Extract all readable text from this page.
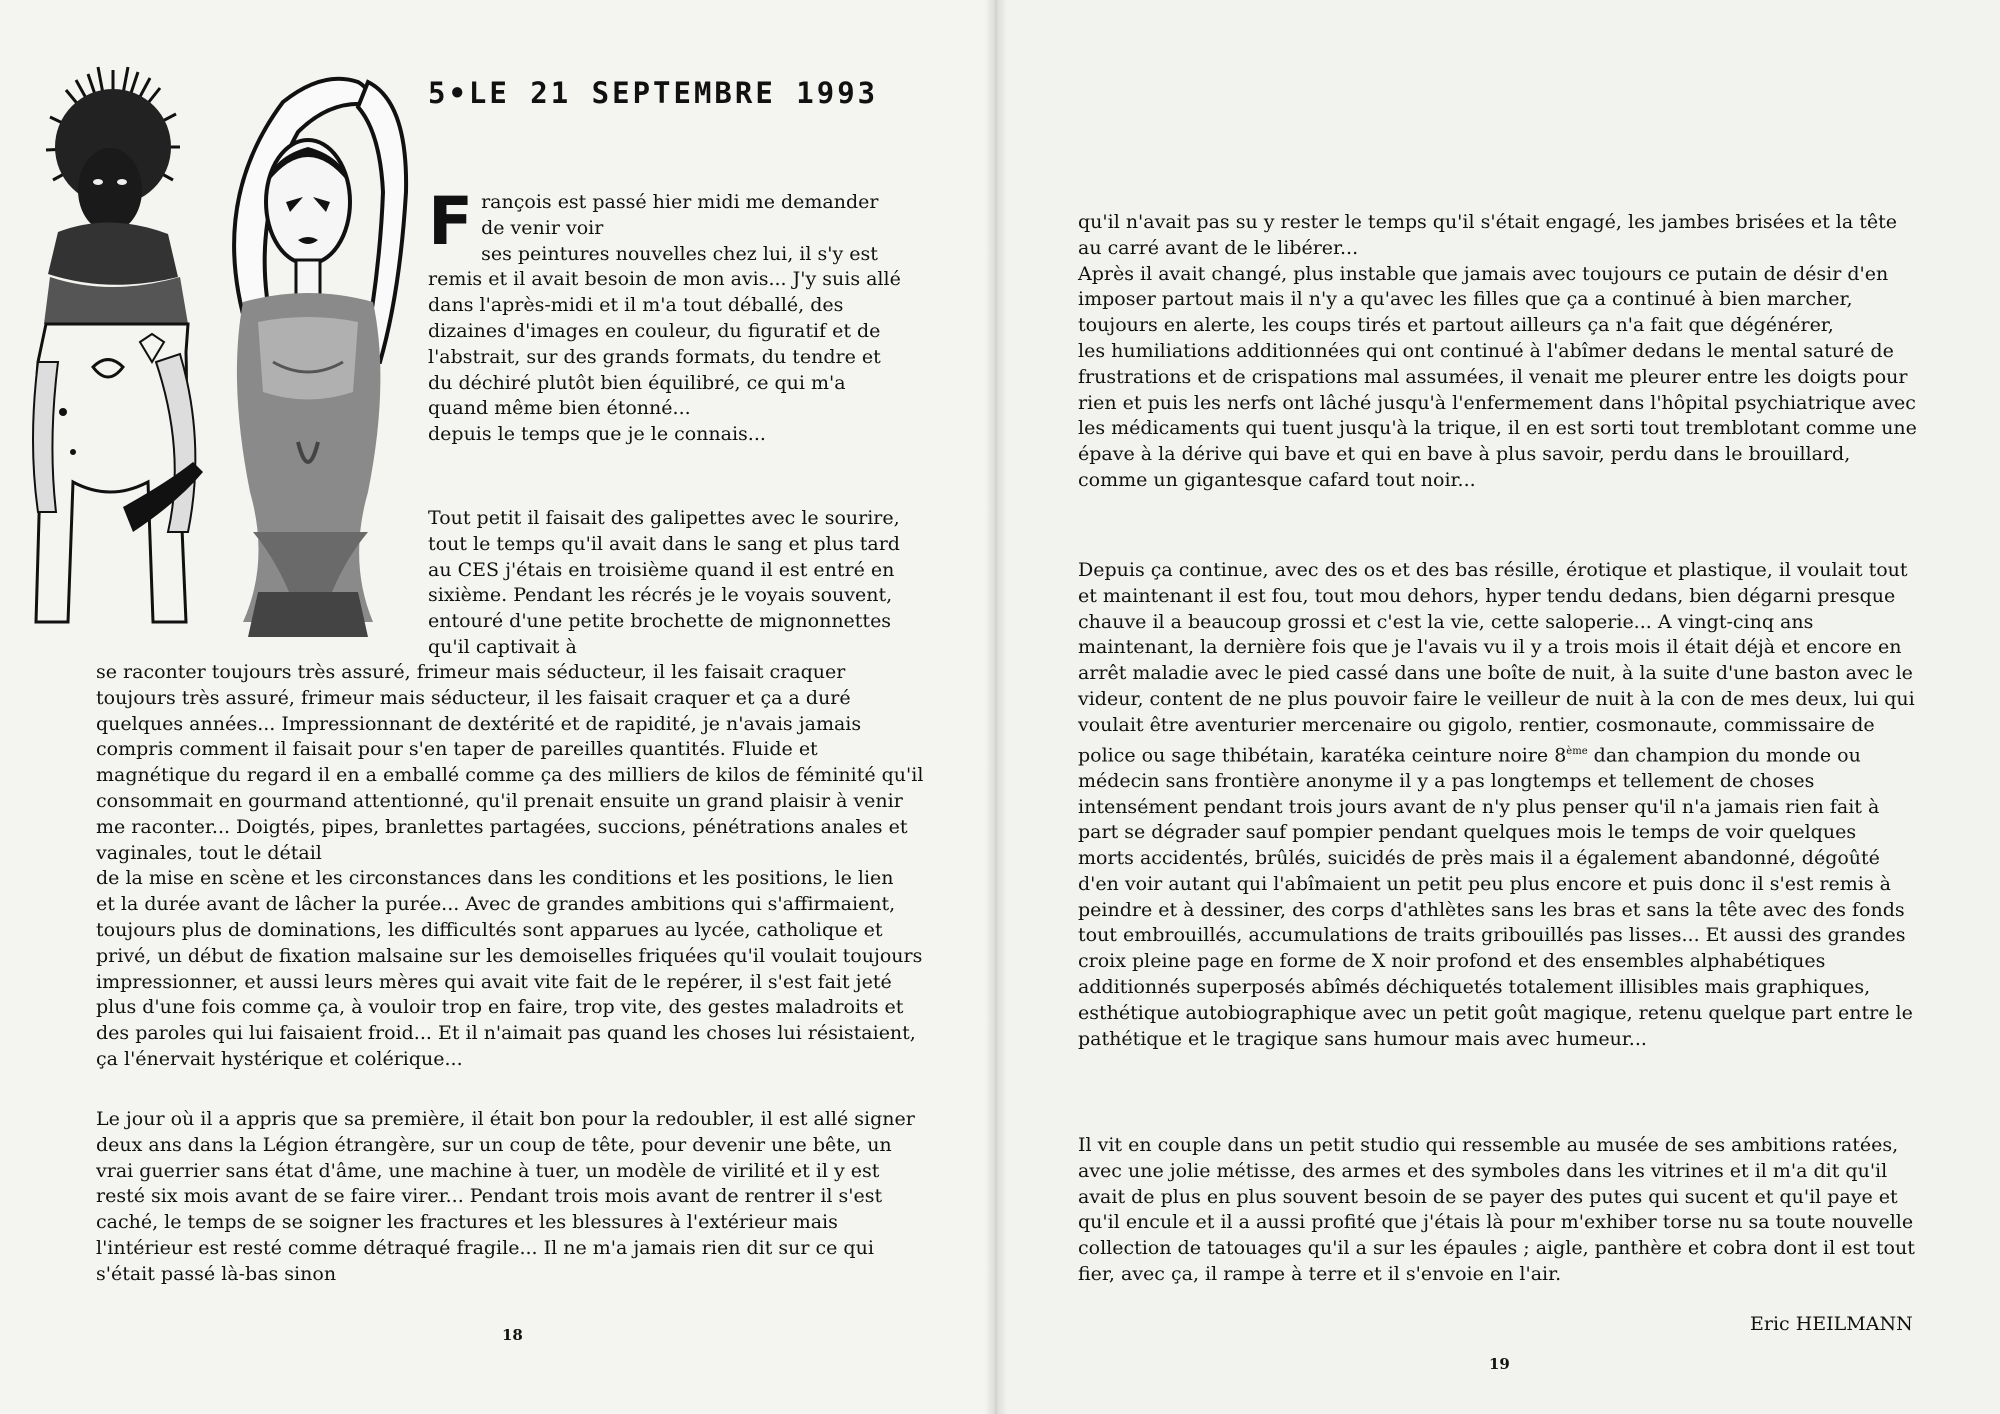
5•LE 21 SEPTEMBRE 1993

François est passé hier midi me demander de venir voir
ses peintures nouvelles chez lui, il s'y est remis et il avait besoin de mon avis... J'y suis allé dans l'après-midi et il m'a tout déballé, des dizaines d'images en couleur, du figuratif et de l'abstrait, sur des grands formats, du tendre et du déchiré plutôt bien équilibré, ce qui m'a quand même bien étonné...
depuis le temps que je le connais...

Tout petit il faisait des galipettes avec le sourire, tout le temps qu'il avait dans le sang et plus tard au CES j'étais en troisième quand il est entré en sixième. Pendant les récrés je le voyais souvent, entouré d'une petite brochette de mignonnettes qu'il captivait à

se raconter toujours très assuré, frimeur mais séducteur, il les faisait craquer toujours très assuré, frimeur mais séducteur, il les faisait craquer et ça a duré quelques années... Impressionnant de dextérité et de rapidité, je n'avais jamais compris comment il faisait pour s'en taper de pareilles quantités. Fluide et magnétique du regard il en a emballé comme ça des milliers de kilos de féminité qu'il consommait en gourmand attentionné, qu'il prenait ensuite un grand plaisir à venir me raconter... Doigtés, pipes, branlettes partagées, succions, pénétrations anales et vaginales, tout le détail
de la mise en scène et les circonstances dans les conditions et les positions, le lien
et la durée avant de lâcher la purée... Avec de grandes ambitions qui s'affirmaient, toujours plus de dominations, les difficultés sont apparues au lycée, catholique et privé, un début de fixation malsaine sur les demoiselles friquées qu'il voulait toujours impressionner, et aussi leurs mères qui avait vite fait de le repérer, il s'est fait jeté plus d'une fois comme ça, à vouloir trop en faire, trop vite, des gestes maladroits et des paroles qui lui faisaient froid... Et il n'aimait pas quand les choses lui résistaient, ça l'énervait hystérique et colérique...

Le jour où il a appris que sa première, il était bon pour la redoubler, il est allé signer deux ans dans la Légion étrangère, sur un coup de tête, pour devenir une bête, un vrai guerrier sans état d'âme, une machine à tuer, un modèle de virilité et il y est resté six mois avant de se faire virer... Pendant trois mois avant de rentrer il s'est caché, le temps de se soigner les fractures et les blessures à l'extérieur mais l'intérieur est resté comme détraqué fragile... Il ne m'a jamais rien dit sur ce qui s'était passé là-bas sinon

18

qu'il n'avait pas su y rester le temps qu'il s'était engagé, les jambes brisées et la tête au carré avant de le libérer...
Après il avait changé, plus instable que jamais avec toujours ce putain de désir d'en imposer partout mais il n'y a qu'avec les filles que ça a continué à bien marcher, toujours en alerte, les coups tirés et partout ailleurs ça n'a fait que dégénérer,
les humiliations additionnées qui ont continué à l'abîmer dedans le mental saturé de frustrations et de crispations mal assumées, il venait me pleurer entre les doigts pour rien et puis les nerfs ont lâché jusqu'à l'enfermement dans l'hôpital psychiatrique avec les médicaments qui tuent jusqu'à la trique, il en est sorti tout tremblotant comme une épave à la dérive qui bave et qui en bave à plus savoir, perdu dans le brouillard, comme un gigantesque cafard tout noir...

Depuis ça continue, avec des os et des bas résille, érotique et plastique, il voulait tout et maintenant il est fou, tout mou dehors, hyper tendu dedans, bien dégarni presque chauve il a beaucoup grossi et c'est la vie, cette saloperie... A vingt-cinq ans maintenant, la dernière fois que je l'avais vu il y a trois mois il était déjà et encore en arrêt maladie avec le pied cassé dans une boîte de nuit, à la suite d'une baston avec le videur, content de ne plus pouvoir faire le veilleur de nuit à la con de mes deux, lui qui voulait être aventurier mercenaire ou gigolo, rentier, cosmonaute, commissaire de police ou sage thibétain, karatéka ceinture noire 8ème dan champion du monde ou médecin sans frontière anonyme il y a pas longtemps et tellement de choses intensément pendant trois jours avant de n'y plus penser qu'il n'a jamais rien fait à part se dégrader sauf pompier pendant quelques mois le temps de voir quelques morts accidentés, brûlés, suicidés de près mais il a également abandonné, dégoûté d'en voir autant qui l'abîmaient un petit peu plus encore et puis donc il s'est remis à peindre et à dessiner, des corps d'athlètes sans les bras et sans la tête avec des fonds tout embrouillés, accumulations de traits gribouillés pas lisses... Et aussi des grandes croix pleine page en forme de X noir profond et des ensembles alphabétiques additionnés superposés abîmés déchiquetés totalement illisibles mais graphiques, esthétique autobiographique avec un petit goût magique, retenu quelque part entre le pathétique et le tragique sans humour mais avec humeur...

Il vit en couple dans un petit studio qui ressemble au musée de ses ambitions ratées, avec une jolie métisse, des armes et des symboles dans les vitrines et il m'a dit qu'il avait de plus en plus souvent besoin de se payer des putes qui sucent et qu'il paye et qu'il encule et il a aussi profité que j'étais là pour m'exhiber torse nu sa toute nouvelle collection de tatouages qu'il a sur les épaules ; aigle, panthère et cobra dont il est tout fier, avec ça, il rampe à terre et il s'envoie en l'air.

Eric HEILMANN
19
